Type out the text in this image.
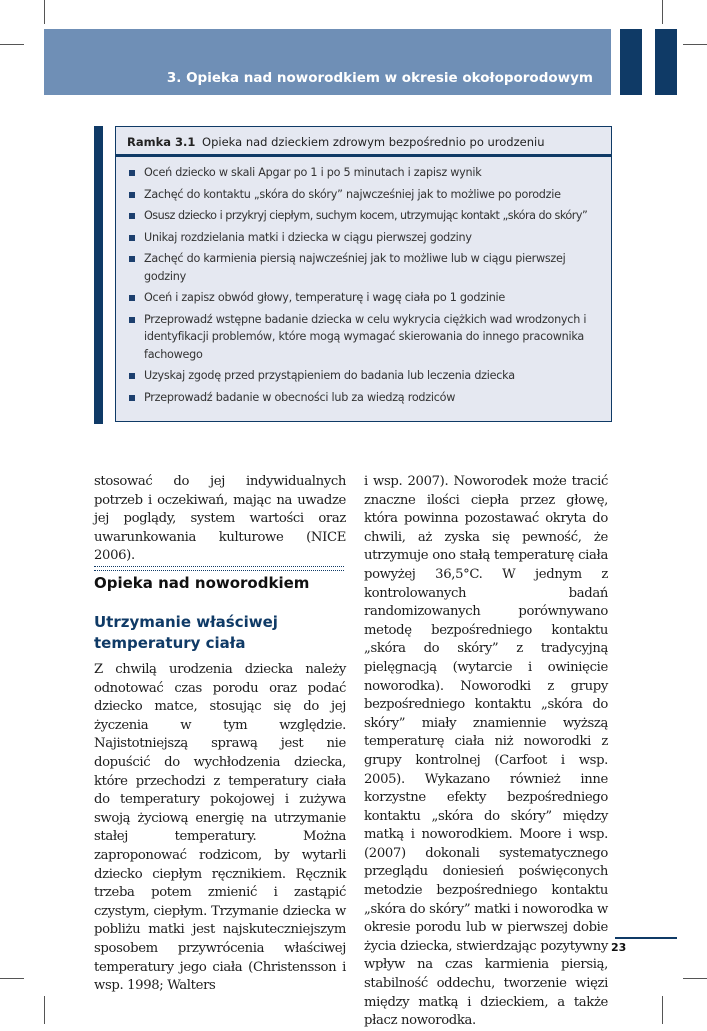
3. Opieka nad noworodkiem w okresie okołoporodowym
Ramka 3.1 Opieka nad dzieckiem zdrowym bezpośrednio po urodzeniu
Oceń dziecko w skali Apgar po 1 i po 5 minutach i zapisz wynik
Zachęć do kontaktu „skóra do skóry” najwcześniej jak to możliwe po porodzie
Osusz dziecko i przykryj ciepłym, suchym kocem, utrzymując kontakt „skóra do skóry”
Unikaj rozdzielania matki i dziecka w ciągu pierwszej godziny
Zachęć do karmienia piersią najwcześniej jak to możliwe lub w ciągu pierwszej godziny
Oceń i zapisz obwód głowy, temperaturę i wagę ciała po 1 godzinie
Przeprowadź wstępne badanie dziecka w celu wykrycia ciężkich wad wrodzonych i identyfikacji problemów, które mogą wymagać skierowania do innego pracownika fachowego
Uzyskaj zgodę przed przystąpieniem do badania lub leczenia dziecka
Przeprowadź badanie w obecności lub za wiedzą rodziców

stosować do jej indywidualnych potrzeb i oczekiwań, mając na uwadze jej poglądy, system wartości oraz uwarunkowania kulturowe (NICE 2006).

Opieka nad noworodkiem
Utrzymanie właściwej temperatury ciała

Z chwilą urodzenia dziecka należy odnotować czas porodu oraz podać dziecko matce, stosując się do jej życzenia w tym względzie. Najistotniejszą sprawą jest nie dopuścić do wychłodzenia dziecka, które przechodzi z temperatury ciała do temperatury pokojowej i zużywa swoją życiową energię na utrzymanie stałej temperatury. Można zaproponować rodzicom, by wytarli dziecko ciepłym ręcznikiem. Ręcznik trzeba potem zmienić i zastąpić czystym, ciepłym. Trzymanie dziecka w pobliżu matki jest najskuteczniejszym sposobem przywrócenia właściwej temperatury jego ciała (Christensson i wsp. 1998; Walters

i wsp. 2007). Noworodek może tracić znaczne ilości ciepła przez głowę, która powinna pozostawać okryta do chwili, aż zyska się pewność, że utrzymuje ono stałą temperaturę ciała powyżej 36,5°C. W jednym z kontrolowanych badań randomizowanych porównywano metodę bezpośredniego kontaktu „skóra do skóry” z tradycyjną pielęgnacją (wytarcie i owinięcie noworodka). Noworodki z grupy bezpośredniego kontaktu „skóra do skóry” miały znamiennie wyższą temperaturę ciała niż noworodki z grupy kontrolnej (Carfoot i wsp. 2005). Wykazano również inne korzystne efekty bezpośredniego kontaktu „skóra do skóry” między matką i noworodkiem. Moore i wsp. (2007) dokonali systematycznego przeglądu doniesień poświęconych metodzie bezpośredniego kontaktu „skóra do skóry” matki i noworodka w okresie porodu lub w pierwszej dobie życia dziecka, stwierdzając pozytywny wpływ na czas karmienia piersią, stabilność oddechu, tworzenie więzi między matką i dzieckiem, a także płacz noworodka.

23
